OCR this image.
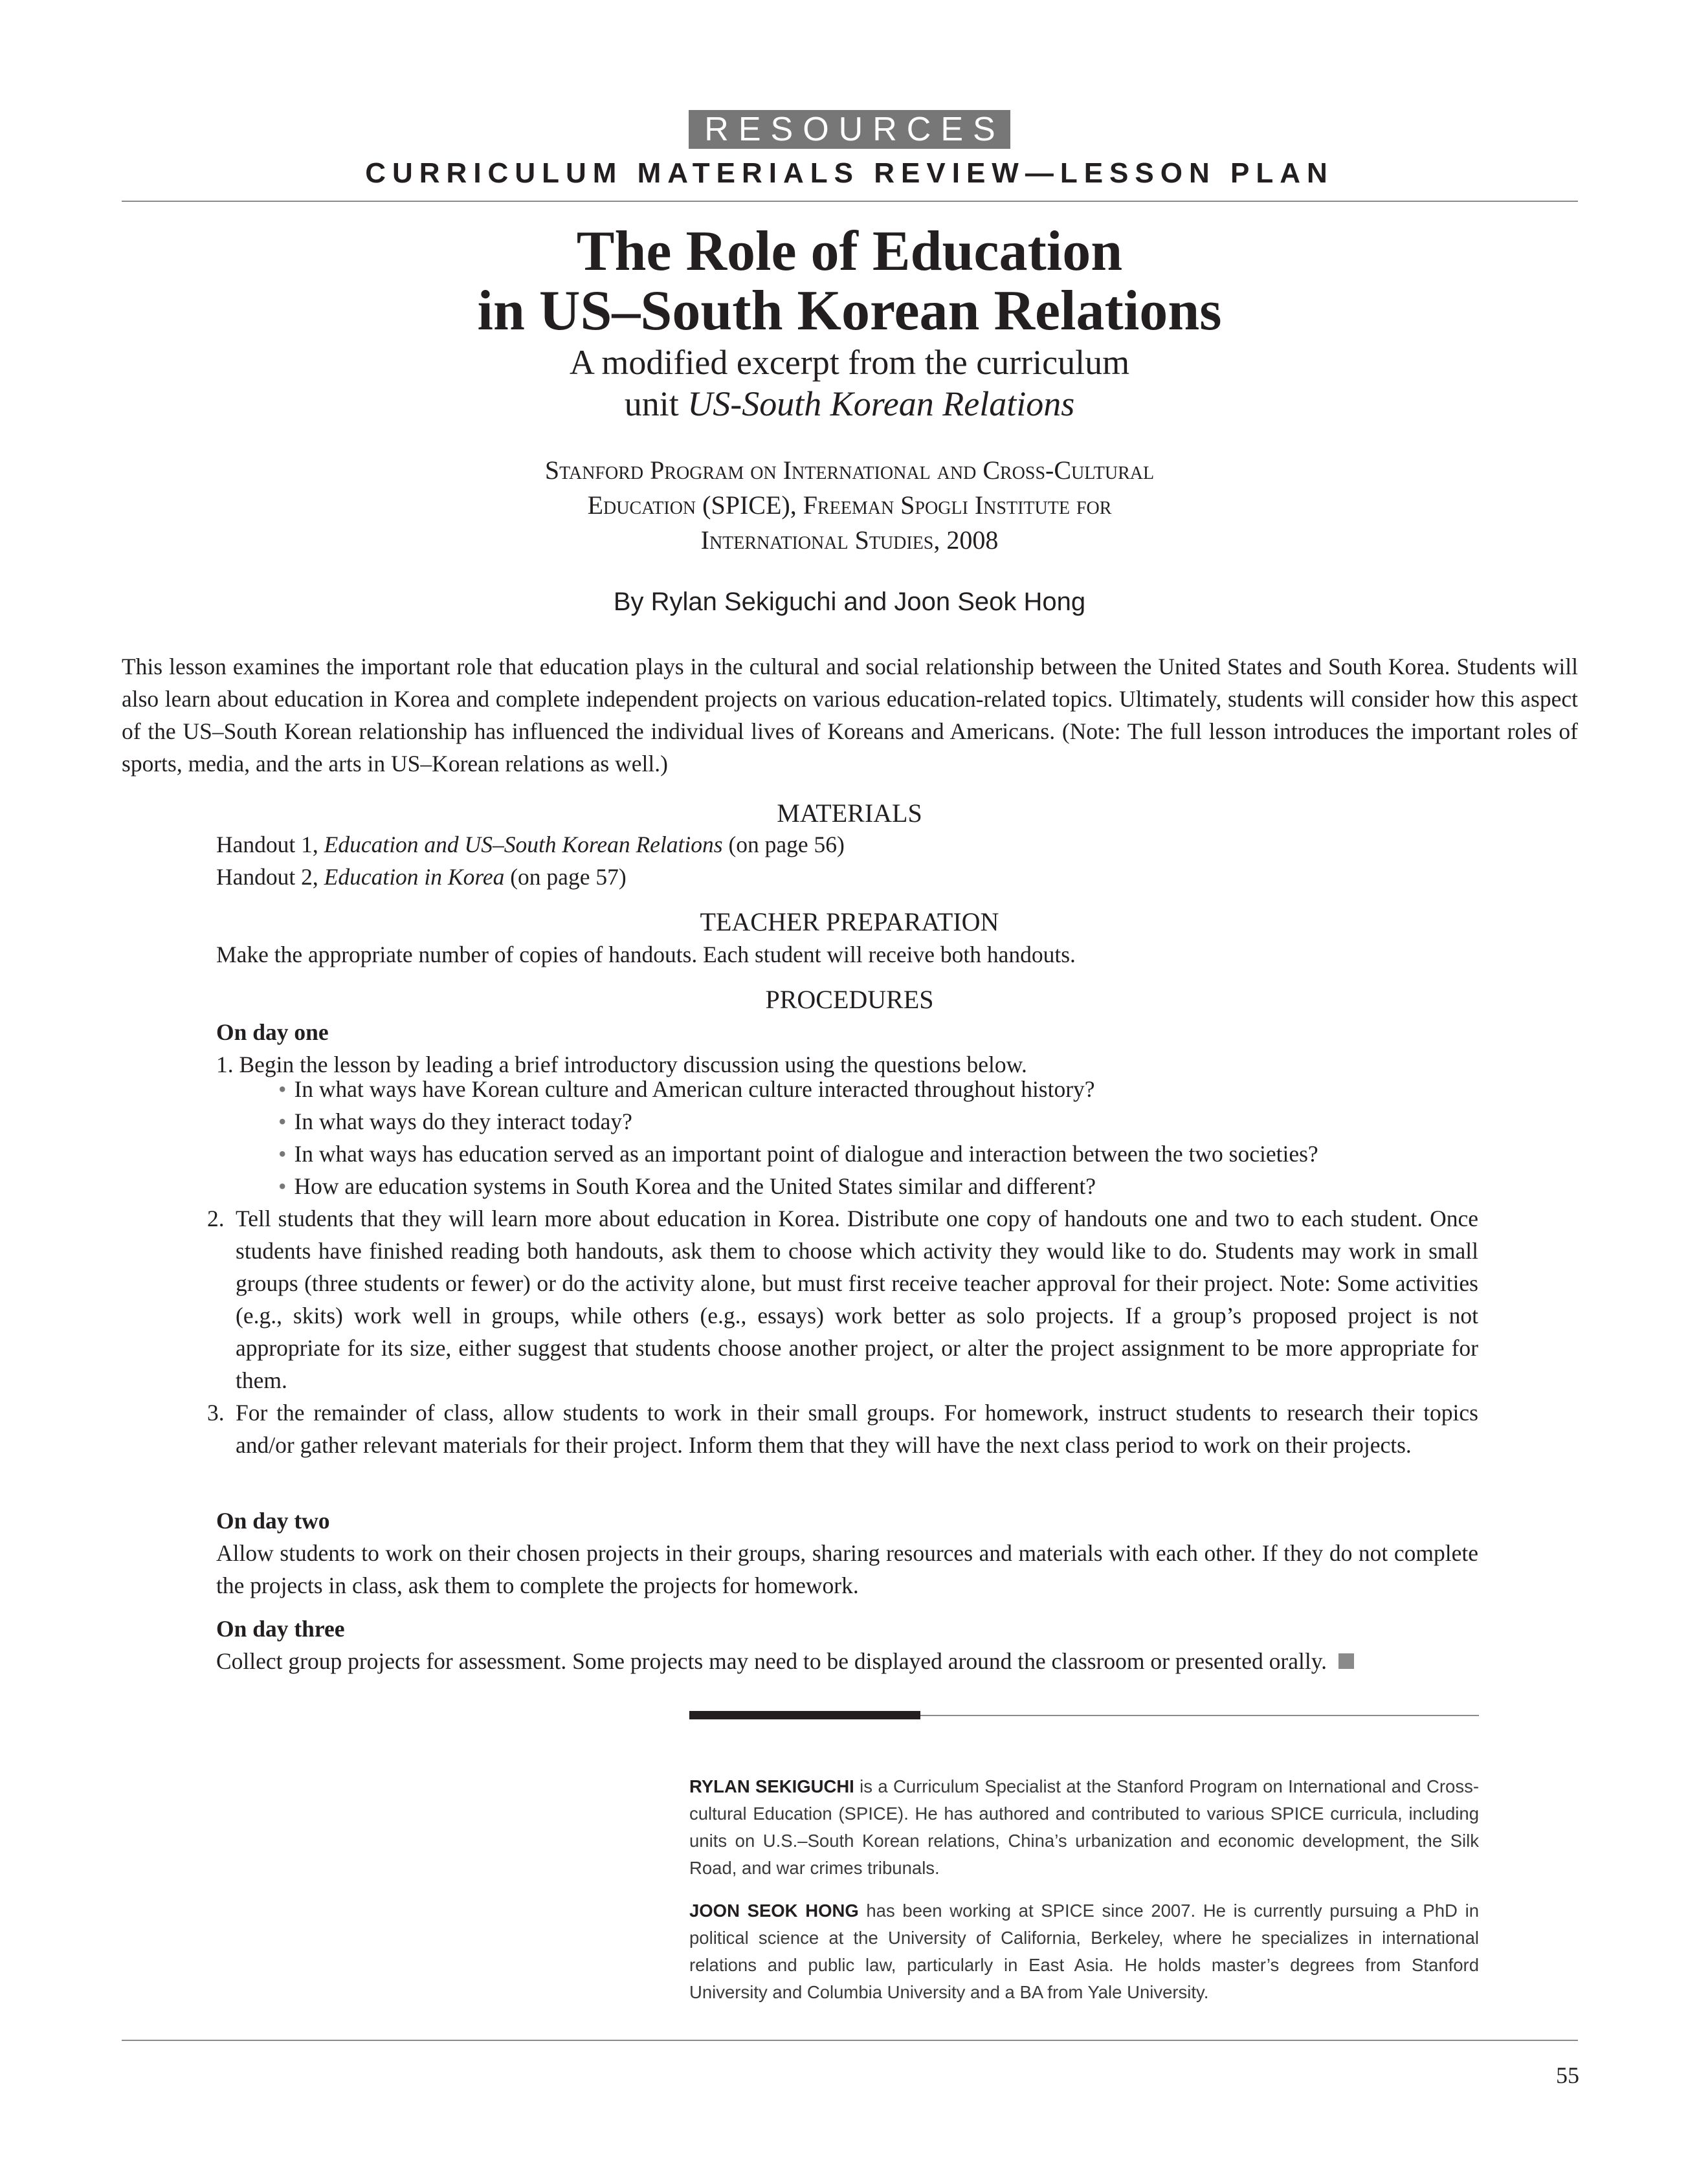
RESOURCES
CURRICULUM MATERIALS REVIEW—LESSON PLAN
The Role of Education
in US–South Korean Relations
A modified excerpt from the curriculum
unit US-South Korean Relations
Stanford Program on International and Cross-Cultural
Education (SPICE), Freeman Spogli Institute for
International Studies, 2008
By Rylan Sekiguchi and Joon Seok Hong

This lesson examines the important role that education plays in the cultural and social relationship between the United States and South Korea. Students will also learn about education in Korea and complete independent projects on various education-related topics. Ultimately, students will consider how this aspect of the US–South Korean relationship has influenced the individual lives of Koreans and Americans. (Note: The full lesson introduces the important roles of sports, media, and the arts in US–Korean relations as well.)

MATERIALS
Handout 1, Education and US–South Korean Relations (on page 56)
Handout 2, Education in Korea (on page 57)
TEACHER PREPARATION
Make the appropriate number of copies of handouts. Each student will receive both handouts.
PROCEDURES
On day one
1. Begin the lesson by leading a brief introductory discussion using the questions below.
• In what ways have Korean culture and American culture interacted throughout history?
• In what ways do they interact today?
• In what ways has education served as an important point of dialogue and interaction between the two societies?
• How are education systems in South Korea and the United States similar and different?
2. Tell students that they will learn more about education in Korea. Distribute one copy of handouts one and two to each student. Once students have finished reading both handouts, ask them to choose which activity they would like to do. Students may work in small groups (three students or fewer) or do the activity alone, but must first receive teacher approval for their project. Note: Some activities (e.g., skits) work well in groups, while others (e.g., essays) work better as solo projects. If a group’s proposed project is not appropriate for its size, either suggest that students choose another project, or alter the project assignment to be more appropriate for them.
3. For the remainder of class, allow students to work in their small groups. For homework, instruct students to research their topics and/or gather relevant materials for their project. Inform them that they will have the next class period to work on their projects.
On day two

Allow students to work on their chosen projects in their groups, sharing resources and materials with each other. If they do not complete the projects in class, ask them to complete the projects for homework.

On day three

Collect group projects for assessment. Some projects may need to be displayed around the classroom or presented orally.

RYLAN SEKIGUCHI is a Curriculum Specialist at the Stanford Program on International and Cross-cultural Education (SPICE). He has authored and contributed to various SPICE curricula, including units on U.S.–South Korean relations, China’s urbanization and economic development, the Silk Road, and war crimes tribunals.

JOON SEOK HONG has been working at SPICE since 2007. He is currently pursuing a PhD in political science at the University of California, Berkeley, where he specializes in international relations and public law, particularly in East Asia. He holds master’s degrees from Stanford University and Columbia University and a BA from Yale University.

55
